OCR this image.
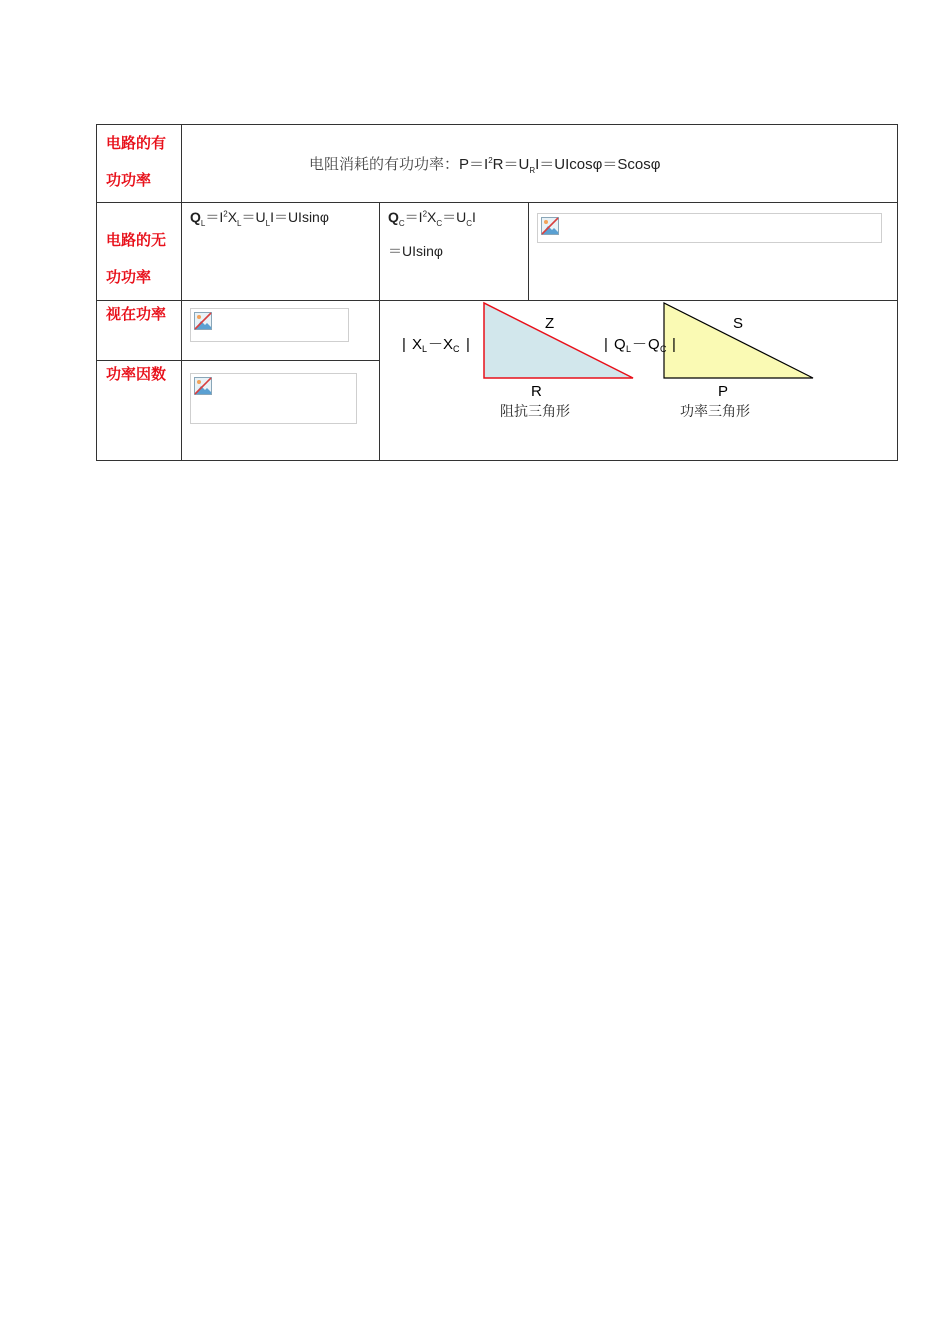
电路的有
功功率
电阻消耗的有功功率：$P=I^2R=U_RI=UIcos\varphi=Scos\varphi$
电路的无
功功率
$Q_L=I^2X_L=U_LI=UIsin\varphi$	$Q_C=I^2X_C=U_CI$
＝UIsinφ
视在功率
功率因数
Z
R
| X L － X C |
阻抗三角形
S
P
| Q L － Q C |
功率三角形
